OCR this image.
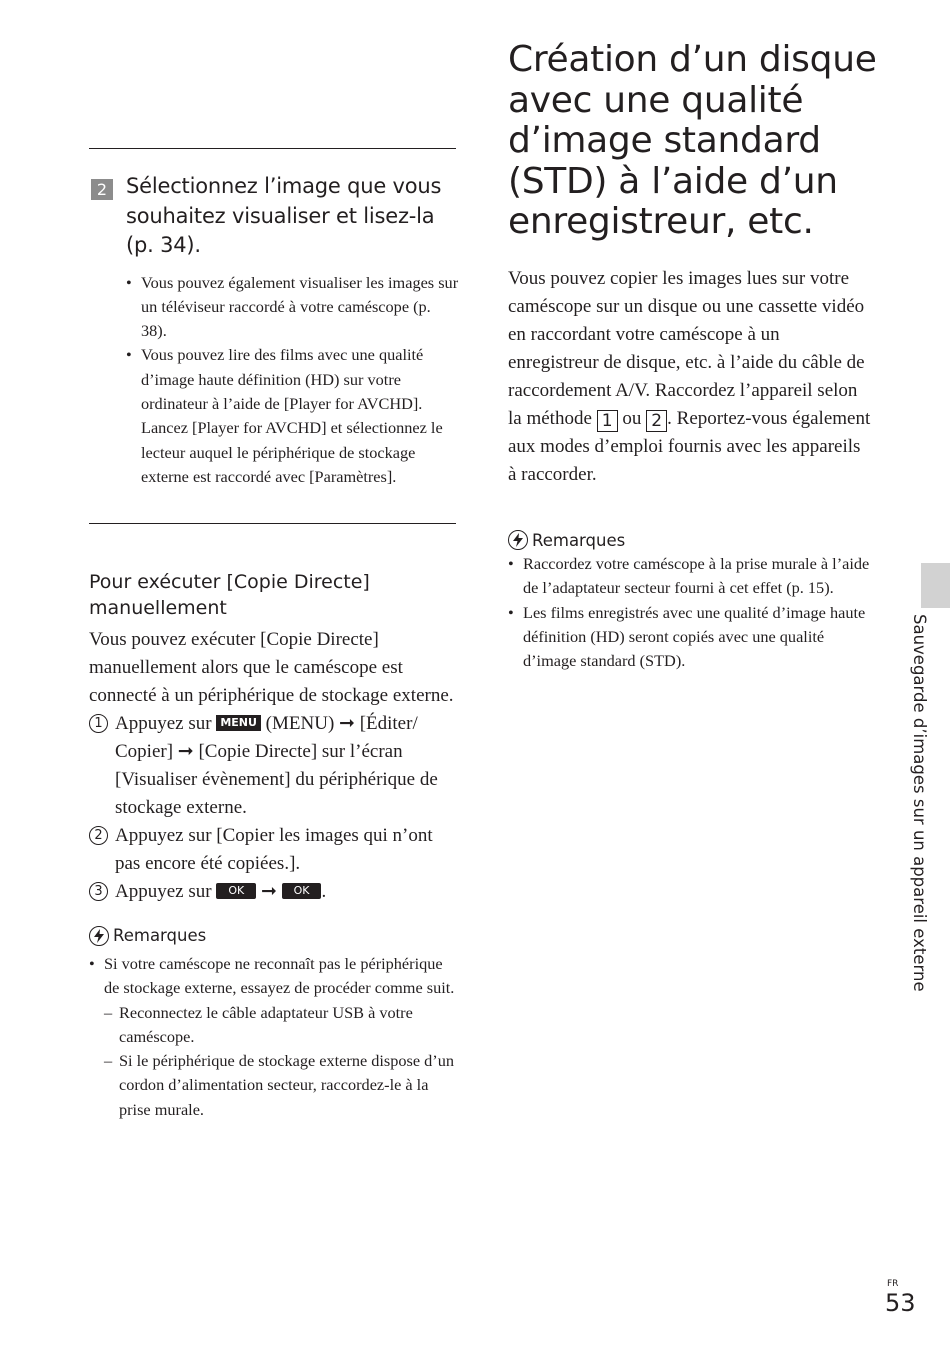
2 Sélectionnez l’image que vous souhaitez visualiser et lisez-la (p. 34).
• Vous pouvez également visualiser les images sur un téléviseur raccordé à votre caméscope (p. 38).
• Vous pouvez lire des films avec une qualité d’image haute définition (HD) sur votre ordinateur à l’aide de [Player for AVCHD]. Lancez [Player for AVCHD] et sélectionnez le lecteur auquel le périphérique de stockage externe est raccordé avec [Paramètres].
Pour exécuter [Copie Directe] manuellement

Vous pouvez exécuter [Copie Directe] manuellement alors que le caméscope est connecté à un périphérique de stockage externe.

1 Appuyez sur MENU (MENU) ➞ [Éditer/ Copier] ➞ [Copie Directe] sur l’écran [Visualiser évènement] du périphérique de stockage externe.
2 Appuyez sur [Copier les images qui n’ont pas encore été copiées.].
3 Appuyez sur OK ➞ OK .
Remarques
• Si votre caméscope ne reconnaît pas le périphérique de stockage externe, essayez de procéder comme suit.
– Reconnectez le câble adaptateur USB à votre caméscope.
– Si le périphérique de stockage externe dispose d’un cordon d’alimentation secteur, raccordez-le à la prise murale.
Création d’un disque avec une qualité d’image standard (STD) à l’aide d’un enregistreur, etc.

Vous pouvez copier les images lues sur votre caméscope sur un disque ou une cassette vidéo en raccordant votre caméscope à un enregistreur de disque, etc. à l’aide du câble de raccordement A/V. Raccordez l’appareil selon la méthode 1 ou 2 . Reportez-vous également aux modes d’emploi fournis avec les appareils à raccorder.

Remarques
• Raccordez votre caméscope à la prise murale à l’aide de l’adaptateur secteur fourni à cet effet (p. 15).
• Les films enregistrés avec une qualité d’image haute définition (HD) seront copiés avec une qualité d’image standard (STD).	Sauvegarde d’images sur un appareil externe
FR
53
